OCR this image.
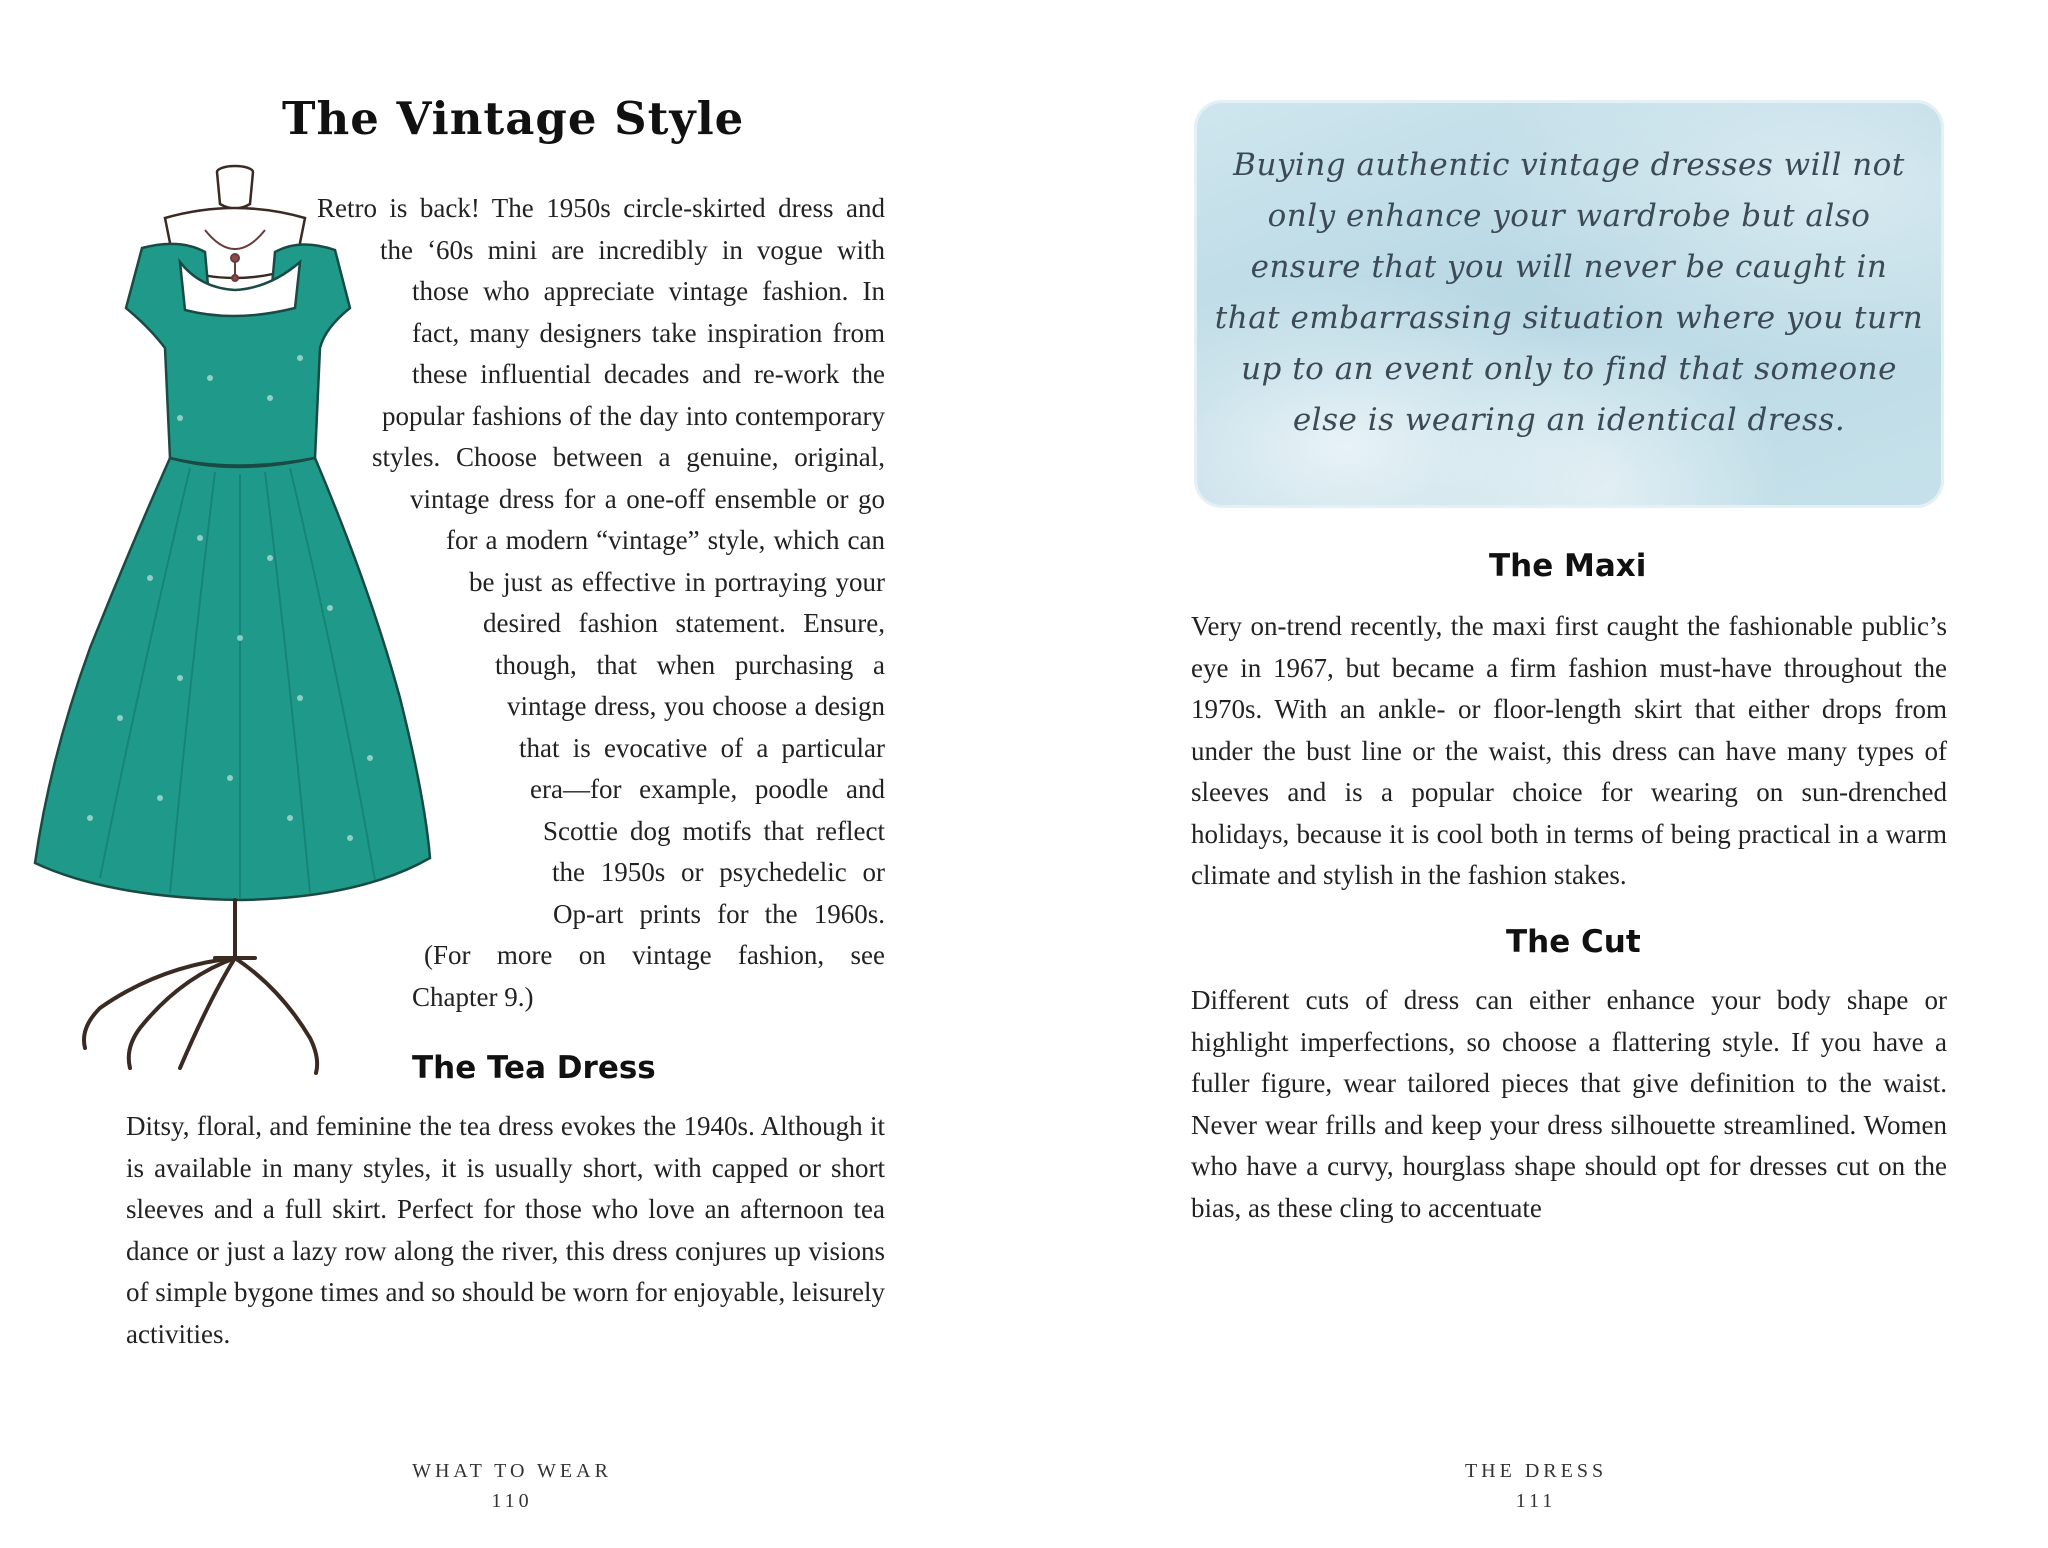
The Vintage Style
Retro is back! The 1950s circle-skirted dress and
the ‘60s mini are incredibly in vogue with
those who appreciate vintage fashion. In
fact, many designers take inspiration from
these influential decades and re-work the
popular fashions of the day into contemporary
styles. Choose between a genuine, original,
vintage dress for a one-off ensemble or go
for a modern “vintage” style, which can
be just as effective in portraying your
desired fashion statement. Ensure,
though, that when purchasing a
vintage dress, you choose a design
that is evocative of a particular
era—for example, poodle and
Scottie dog motifs that reflect
the 1950s or psychedelic or
Op-art prints for the 1960s.
(For more on vintage fashion, see
Chapter 9.)
The Tea Dress

Ditsy, floral, and feminine the tea dress evokes the 1940s. Although it is available in many styles, it is usually short, with capped or short sleeves and a full skirt. Perfect for those who love an afternoon tea dance or just a lazy row along the river, this dress conjures up visions of simple bygone times and so should be worn for enjoyable, leisurely activities.

WHAT TO WEAR
110

Buying authentic vintage dresses will not only enhance your wardrobe but also ensure that you will never be caught in that embarrassing situation where you turn up to an event only to find that someone else is wearing an identical dress.

The Maxi

Very on-trend recently, the maxi first caught the fashionable public’s eye in 1967, but became a firm fashion must-have throughout the 1970s. With an ankle- or floor-length skirt that either drops from under the bust line or the waist, this dress can have many types of sleeves and is a popular choice for wearing on sun-drenched holidays, because it is cool both in terms of being practical in a warm climate and stylish in the fashion stakes.

The Cut

Different cuts of dress can either enhance your body shape or highlight imperfections, so choose a flattering style. If you have a fuller figure, wear tailored pieces that give definition to the waist. Never wear frills and keep your dress silhouette streamlined. Women who have a curvy, hourglass shape should opt for dresses cut on the bias, as these cling to accentuate

THE DRESS
111
